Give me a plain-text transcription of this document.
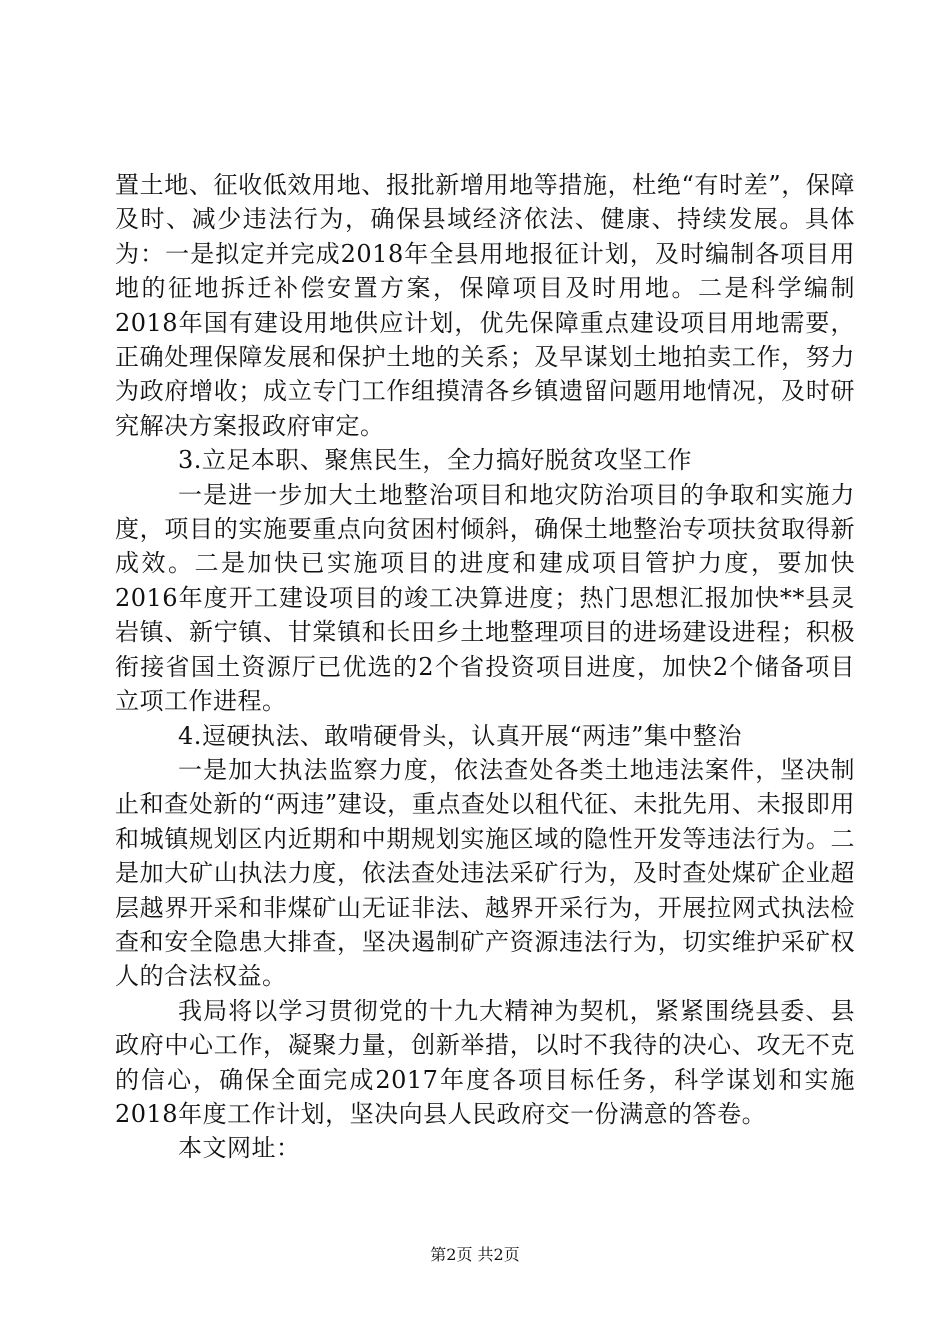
置土地、征收低效用地、报批新增用地等措施，杜绝“有时差”，保障及时、减少违法行为，确保县域经济依法、健康、持续发展。具体为：一是拟定并完成2018年全县用地报征计划，及时编制各项目用地的征地拆迁补偿安置方案，保障项目及时用地。二是科学编制2018年国有建设用地供应计划，优先保障重点建设项目用地需要，正确处理保障发展和保护土地的关系；及早谋划土地拍卖工作，努力为政府增收；成立专门工作组摸清各乡镇遗留问题用地情况，及时研究解决方案报政府审定。

3.立足本职、聚焦民生，全力搞好脱贫攻坚工作

一是进一步加大土地整治项目和地灾防治项目的争取和实施力度，项目的实施要重点向贫困村倾斜，确保土地整治专项扶贫取得新成效。二是加快已实施项目的进度和建成项目管护力度，要加快2016年度开工建设项目的竣工决算进度；热门思想汇报加快**县灵岩镇、新宁镇、甘棠镇和长田乡土地整理项目的进场建设进程；积极衔接省国土资源厅已优选的2个省投资项目进度，加快2个储备项目立项工作进程。

4.逗硬执法、敢啃硬骨头，认真开展“两违”集中整治

一是加大执法监察力度，依法查处各类土地违法案件，坚决制止和查处新的“两违”建设，重点查处以租代征、未批先用、未报即用和城镇规划区内近期和中期规划实施区域的隐性开发等违法行为。二是加大矿山执法力度，依法查处违法采矿行为，及时查处煤矿企业超层越界开采和非煤矿山无证非法、越界开采行为，开展拉网式执法检查和安全隐患大排查，坚决遏制矿产资源违法行为，切实维护采矿权人的合法权益。

我局将以学习贯彻党的十九大精神为契机，紧紧围绕县委、县政府中心工作，凝聚力量，创新举措，以时不我待的决心、攻无不克的信心，确保全面完成2017年度各项目标任务，科学谋划和实施2018年度工作计划，坚决向县人民政府交一份满意的答卷。

本文网址：

第2页 共2页
